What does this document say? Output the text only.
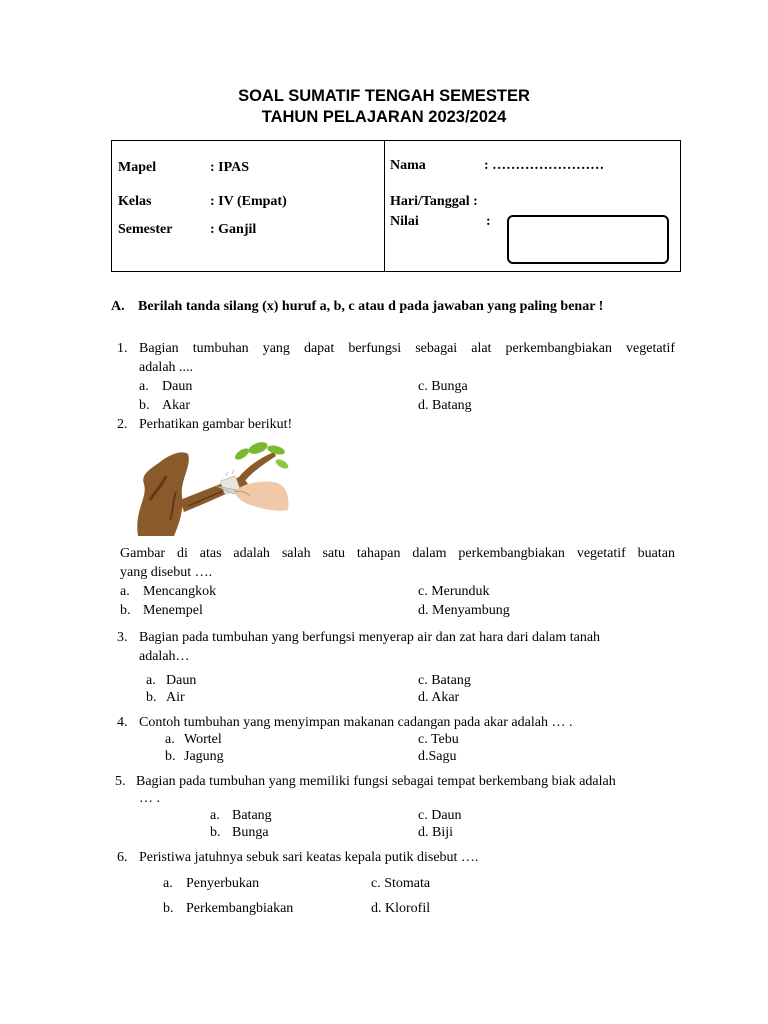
SOAL SUMATIF TENGAH SEMESTER
TAHUN PELAJARAN 2023/2024
Mapel	: IPAS
Kelas	: IV (Empat)
Semester	: Ganjil
Nama	: ……………………
Hari/Tanggal :
Nilai	:
A. Berilah tanda silang (x) huruf a, b, c atau d pada jawaban yang paling benar !
1. Bagian tumbuhan yang dapat berfungsi sebagai alat perkembangbiakan vegetatif
adalah ....
a. Daun
b. Akar
c. Bunga
d. Batang
2. Perhatikan gambar berikut!
Gambar di atas adalah salah satu tahapan dalam perkembangbiakan vegetatif buatan
yang disebut ….
a. Mencangkok
b. Menempel
c. Merunduk
d. Menyambung
3. Bagian pada tumbuhan yang berfungsi menyerap air dan zat hara dari dalam tanah
adalah…
a. Daun
b. Air
c. Batang
d. Akar
4. Contoh tumbuhan yang menyimpan makanan cadangan pada akar adalah … .
a. Wortel
b. Jagung
c. Tebu
d.Sagu
5. Bagian pada tumbuhan yang memiliki fungsi sebagai tempat berkembang biak adalah
… .
a. Batang
b. Bunga
c. Daun
d. Biji
6. Peristiwa jatuhnya sebuk sari keatas kepala putik disebut ….
a. Penyerbukan
b. Perkembangbiakan
c. Stomata
d. Klorofil
